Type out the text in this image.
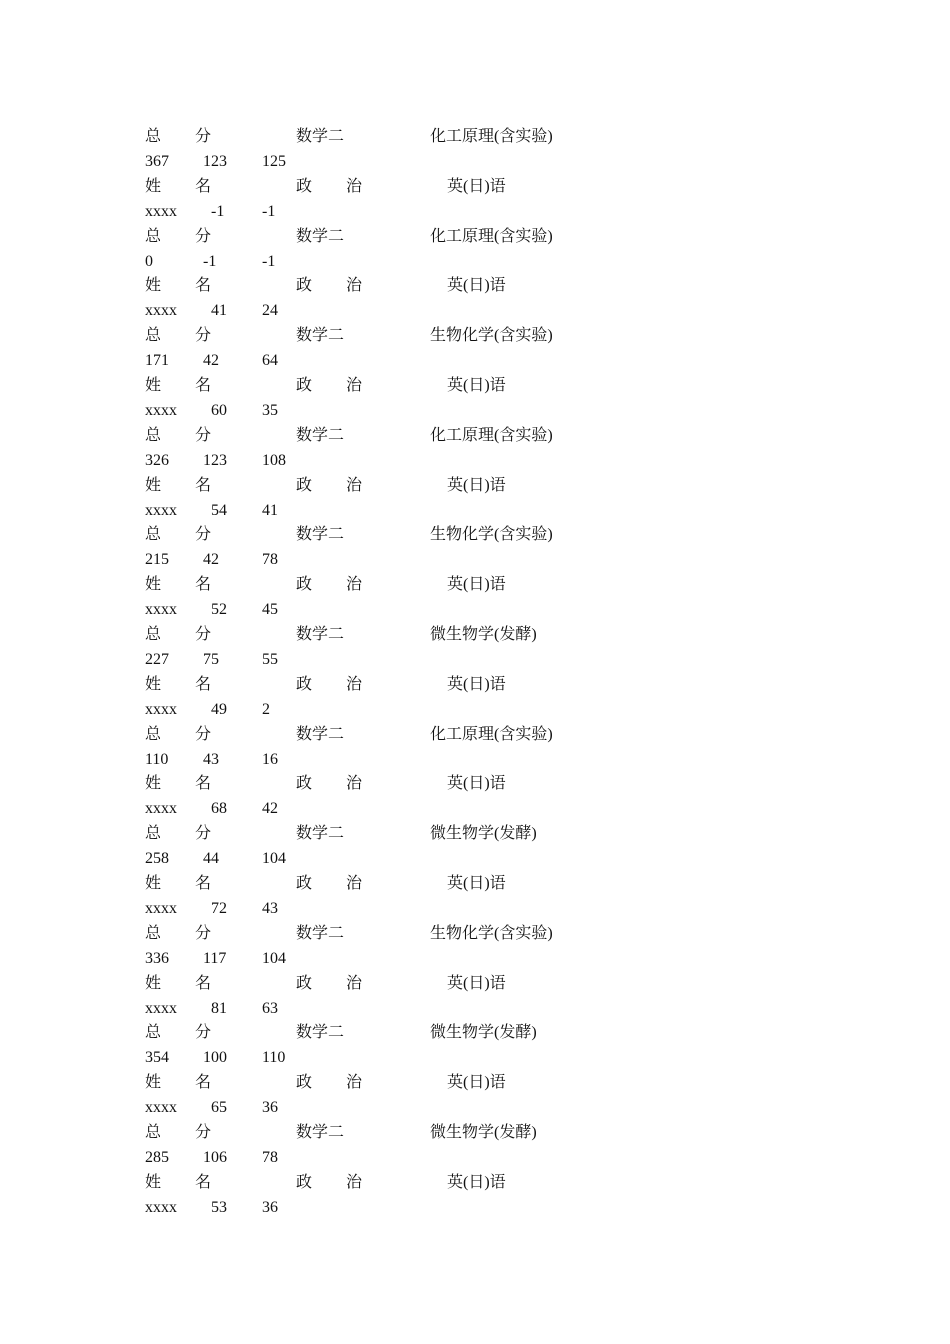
总 分	数学二	化工原理(含实验)
367 123 125
姓 名	政 治	英(日)语
xxxx -1 -1
总 分	数学二	化工原理(含实验)
0	-1	-1
姓 名	政 治	英(日)语
xxxx 41 24
总 分	数学二	生物化学(含实验)
171 42	64
姓 名	政 治	英(日)语
xxxx 60 35
总 分	数学二	化工原理(含实验)
326 123 108
姓 名	政 治	英(日)语
xxxx 54 41
总 分	数学二	生物化学(含实验)
215 42	78
姓 名	政 治	英(日)语
xxxx 52 45
总 分	数学二	微生物学(发酵)
227 75	55
姓 名	政 治	英(日)语
xxxx 49 2
总 分	数学二	化工原理(含实验)
110 43	16
姓 名	政 治	英(日)语
xxxx 68 42
总 分	数学二	微生物学(发酵)
258 44	104
姓 名	政 治	英(日)语
xxxx 72 43
总 分	数学二	生物化学(含实验)
336 117 104
姓 名	政 治	英(日)语
xxxx 81 63
总 分	数学二	微生物学(发酵)
354 100 110
姓 名	政 治	英(日)语
xxxx 65 36
总 分	数学二	微生物学(发酵)
285 106 78
姓 名	政 治	英(日)语
xxxx 53 36
